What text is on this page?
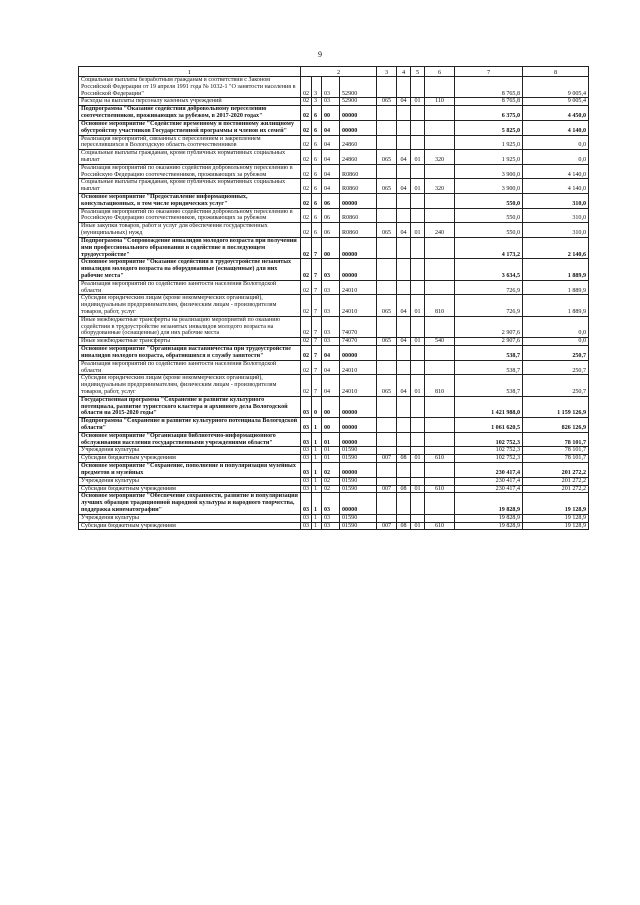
9
1	2				3	4	5	6	7	8
Социальные выплаты безработным гражданам в соответствии с Законом Российской Федерации от 19 апреля 1991 года № 1032-1 "О занятости населения в Российской Федерации"	02	3	03	52900					8 765,8	9 005,4
Расходы на выплаты персоналу казенных учреждений	02	3	03	52900	065	04	01	110	8 765,8	9 005,4
Подпрограмма "Оказание содействия добровольному переселению соотечественников, проживающих за рубежом, в 2017-2020 годах"	02	6	00	00000					6 375,0	4 450,0
Основное мероприятие "Содействие временному и постоянному жилищному обустройству участников Государственной программы и членов их семей"	02	6	04	00000					5 825,0	4 140,0
Реализация мероприятий, связанных с переселением и закреплением переселившихся в Вологодскую область соотечественников	02	6	04	24860					1 925,0	0,0
Социальные выплаты гражданам, кроме публичных нормативных социальных выплат	02	6	04	24860	065	04	01	320	1 925,0	0,0
Реализация мероприятий по оказанию содействия добровольному переселению в Российскую Федерацию соотечественников, проживающих за рубежом	02	6	04	R0860					3 900,0	4 140,0
Социальные выплаты гражданам, кроме публичных нормативных социальных выплат	02	6	04	R0860	065	04	01	320	3 900,0	4 140,0
Основное мероприятие "Предоставление информационных, консультационных, в том числе юридических услуг"	02	6	06	00000					550,0	310,0
Реализация мероприятий по оказанию содействия добровольному переселению в Российскую Федерацию соотечественников, проживающих за рубежом	02	6	06	R0860					550,0	310,0
Иные закупки товаров, работ и услуг для обеспечения государственных (муниципальных) нужд	02	6	06	R0860	065	04	01	240	550,0	310,0
Подпрограмма "Сопровождение инвалидов молодого возраста при получении ими профессионального образования и содействие в последующем трудоустройстве"	02	7	00	00000					4 173,2	2 140,6
Основное мероприятие "Оказание содействия в трудоустройстве незанятых инвалидов молодого возраста на оборудованные (оснащенные) для них рабочие места"	02	7	03	00000					3 634,5	1 889,9
Реализация мероприятий по содействию занятости населения Вологодской области	02	7	03	24010					726,9	1 889,9
Субсидии юридическим лицам (кроме некоммерческих организаций), индивидуальным предпринимателям, физическим лицам - производителям товаров, работ, услуг	02	7	03	24010	065	04	01	810	726,9	1 889,9
Иные межбюджетные трансферты на реализацию мероприятий по оказанию содействия в трудоустройстве незанятых инвалидов молодого возраста на оборудованные (оснащенные) для них рабочие места	02	7	03	74070					2 907,6	0,0
Иные межбюджетные трансферты	02	7	03	74070	065	04	01	540	2 907,6	0,0
Основное мероприятие "Организация наставничества при трудоустройстве инвалидов молодого возраста, обратившихся в службу занятости"	02	7	04	00000					538,7	250,7
Реализация мероприятий по содействию занятости населения Вологодской области	02	7	04	24010					538,7	250,7
Субсидии юридическим лицам (кроме некоммерческих организаций), индивидуальным предпринимателям, физическим лицам - производителям товаров, работ, услуг	02	7	04	24010	065	04	01	810	538,7	250,7
Государственная программа "Сохранение и развитие культурного потенциала, развитие туристского кластера и архивного дела Вологодской области на 2015-2020 годы"	03	0	00	00000					1 421 988,0	1 159 126,9
Подпрограмма "Сохранение и развитие культурного потенциала Вологодской области"	03	1	00	00000					1 061 620,5	826 126,9
Основное мероприятие "Организация библиотечно-информационного обслуживания населения государственными учреждениями области"	03	1	01	00000					102 752,3	78 101,7
Учреждения культуры	03	1	01	01590					102 752,3	78 101,7
Субсидии бюджетным учреждениям	03	1	01	01590	007	08	01	610	102 752,3	78 101,7
Основное мероприятие "Сохранение, пополнение и популяризация музейных предметов и музейных	03	1	02	00000					230 417,4	201 272,2
Учреждения культуры	03	1	02	01590					230 417,4	201 272,2
Субсидии бюджетным учреждениям	03	1	02	01590	007	08	01	610	230 417,4	201 272,2
Основное мероприятие "Обеспечение сохранности, развитие и популяризация лучших образцов традиционной народной культуры и народного творчества, поддержка кинематографии"	03	1	03	00000					19 828,9	19 128,9
Учреждения культуры	03	1	03	01590					19 828,9	19 128,9
Субсидии бюджетным учреждениям	03	1	03	01590	007	08	01	610	19 828,9	19 128,9
